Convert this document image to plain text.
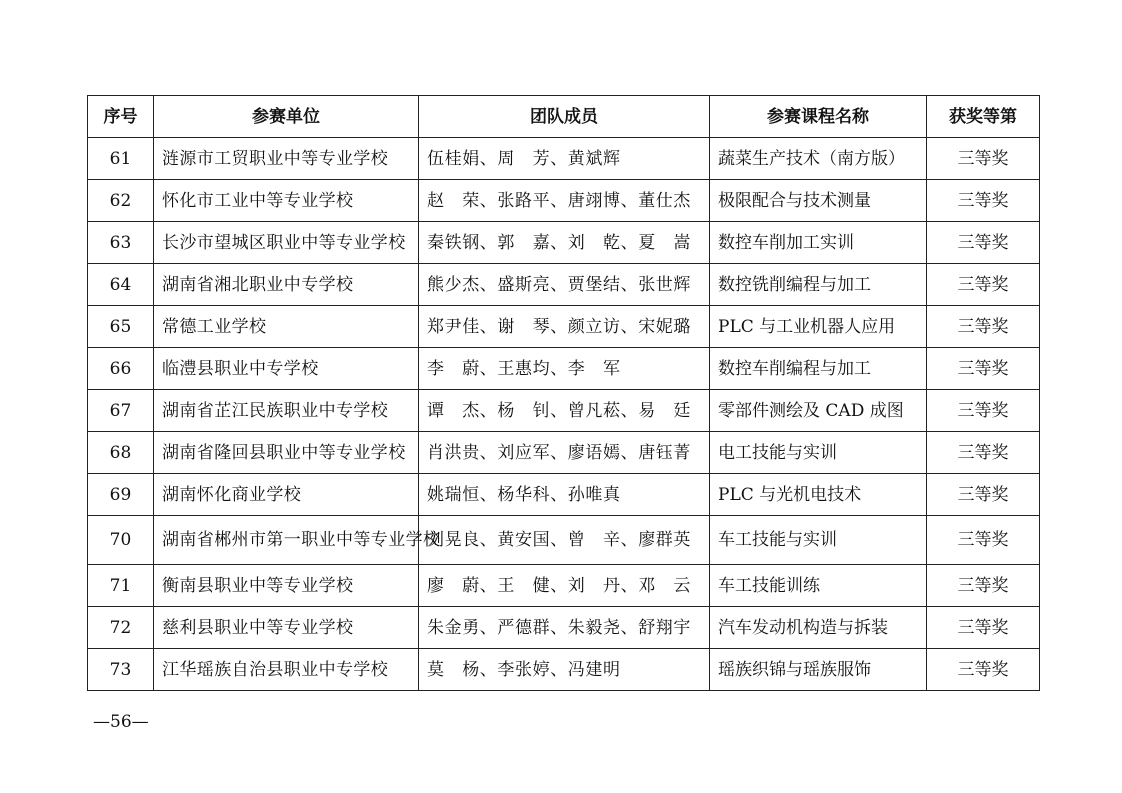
序号	参赛单位	团队成员	参赛课程名称	获奖等第
61	涟源市工贸职业中等专业学校	伍桂娟、周　芳、黄斌辉	蔬菜生产技术（南方版）	三等奖
62	怀化市工业中等专业学校	赵　荣、张路平、唐翊博、董仕杰	极限配合与技术测量	三等奖
63	长沙市望城区职业中等专业学校	秦铁钢、郭　嘉、刘　乾、夏　嵩	数控车削加工实训	三等奖
64	湖南省湘北职业中专学校	熊少杰、盛斯亮、贾堡结、张世辉	数控铣削编程与加工	三等奖
65	常德工业学校	郑尹佳、谢　琴、颜立访、宋妮璐	PLC 与工业机器人应用	三等奖
66	临澧县职业中专学校	李　蔚、王惠均、李　军	数控车削编程与加工	三等奖
67	湖南省芷江民族职业中专学校	谭　杰、杨　钊、曾凡菘、易　廷	零部件测绘及 CAD 成图	三等奖
68	湖南省隆回县职业中等专业学校	肖洪贵、刘应军、廖语嫣、唐钰菁	电工技能与实训	三等奖
69	湖南怀化商业学校	姚瑞恒、杨华科、孙唯真	PLC 与光机电技术	三等奖
70	湖南省郴州市第一职业中等专业学校	刘晃良、黄安国、曾　辛、廖群英	车工技能与实训	三等奖
71	衡南县职业中等专业学校	廖　蔚、王　健、刘　丹、邓　云	车工技能训练	三等奖
72	慈利县职业中等专业学校	朱金勇、严德群、朱毅尧、舒翔宇	汽车发动机构造与拆装	三等奖
73	江华瑶族自治县职业中专学校	莫　杨、李张婷、冯建明	瑶族织锦与瑶族服饰	三等奖
—56—
